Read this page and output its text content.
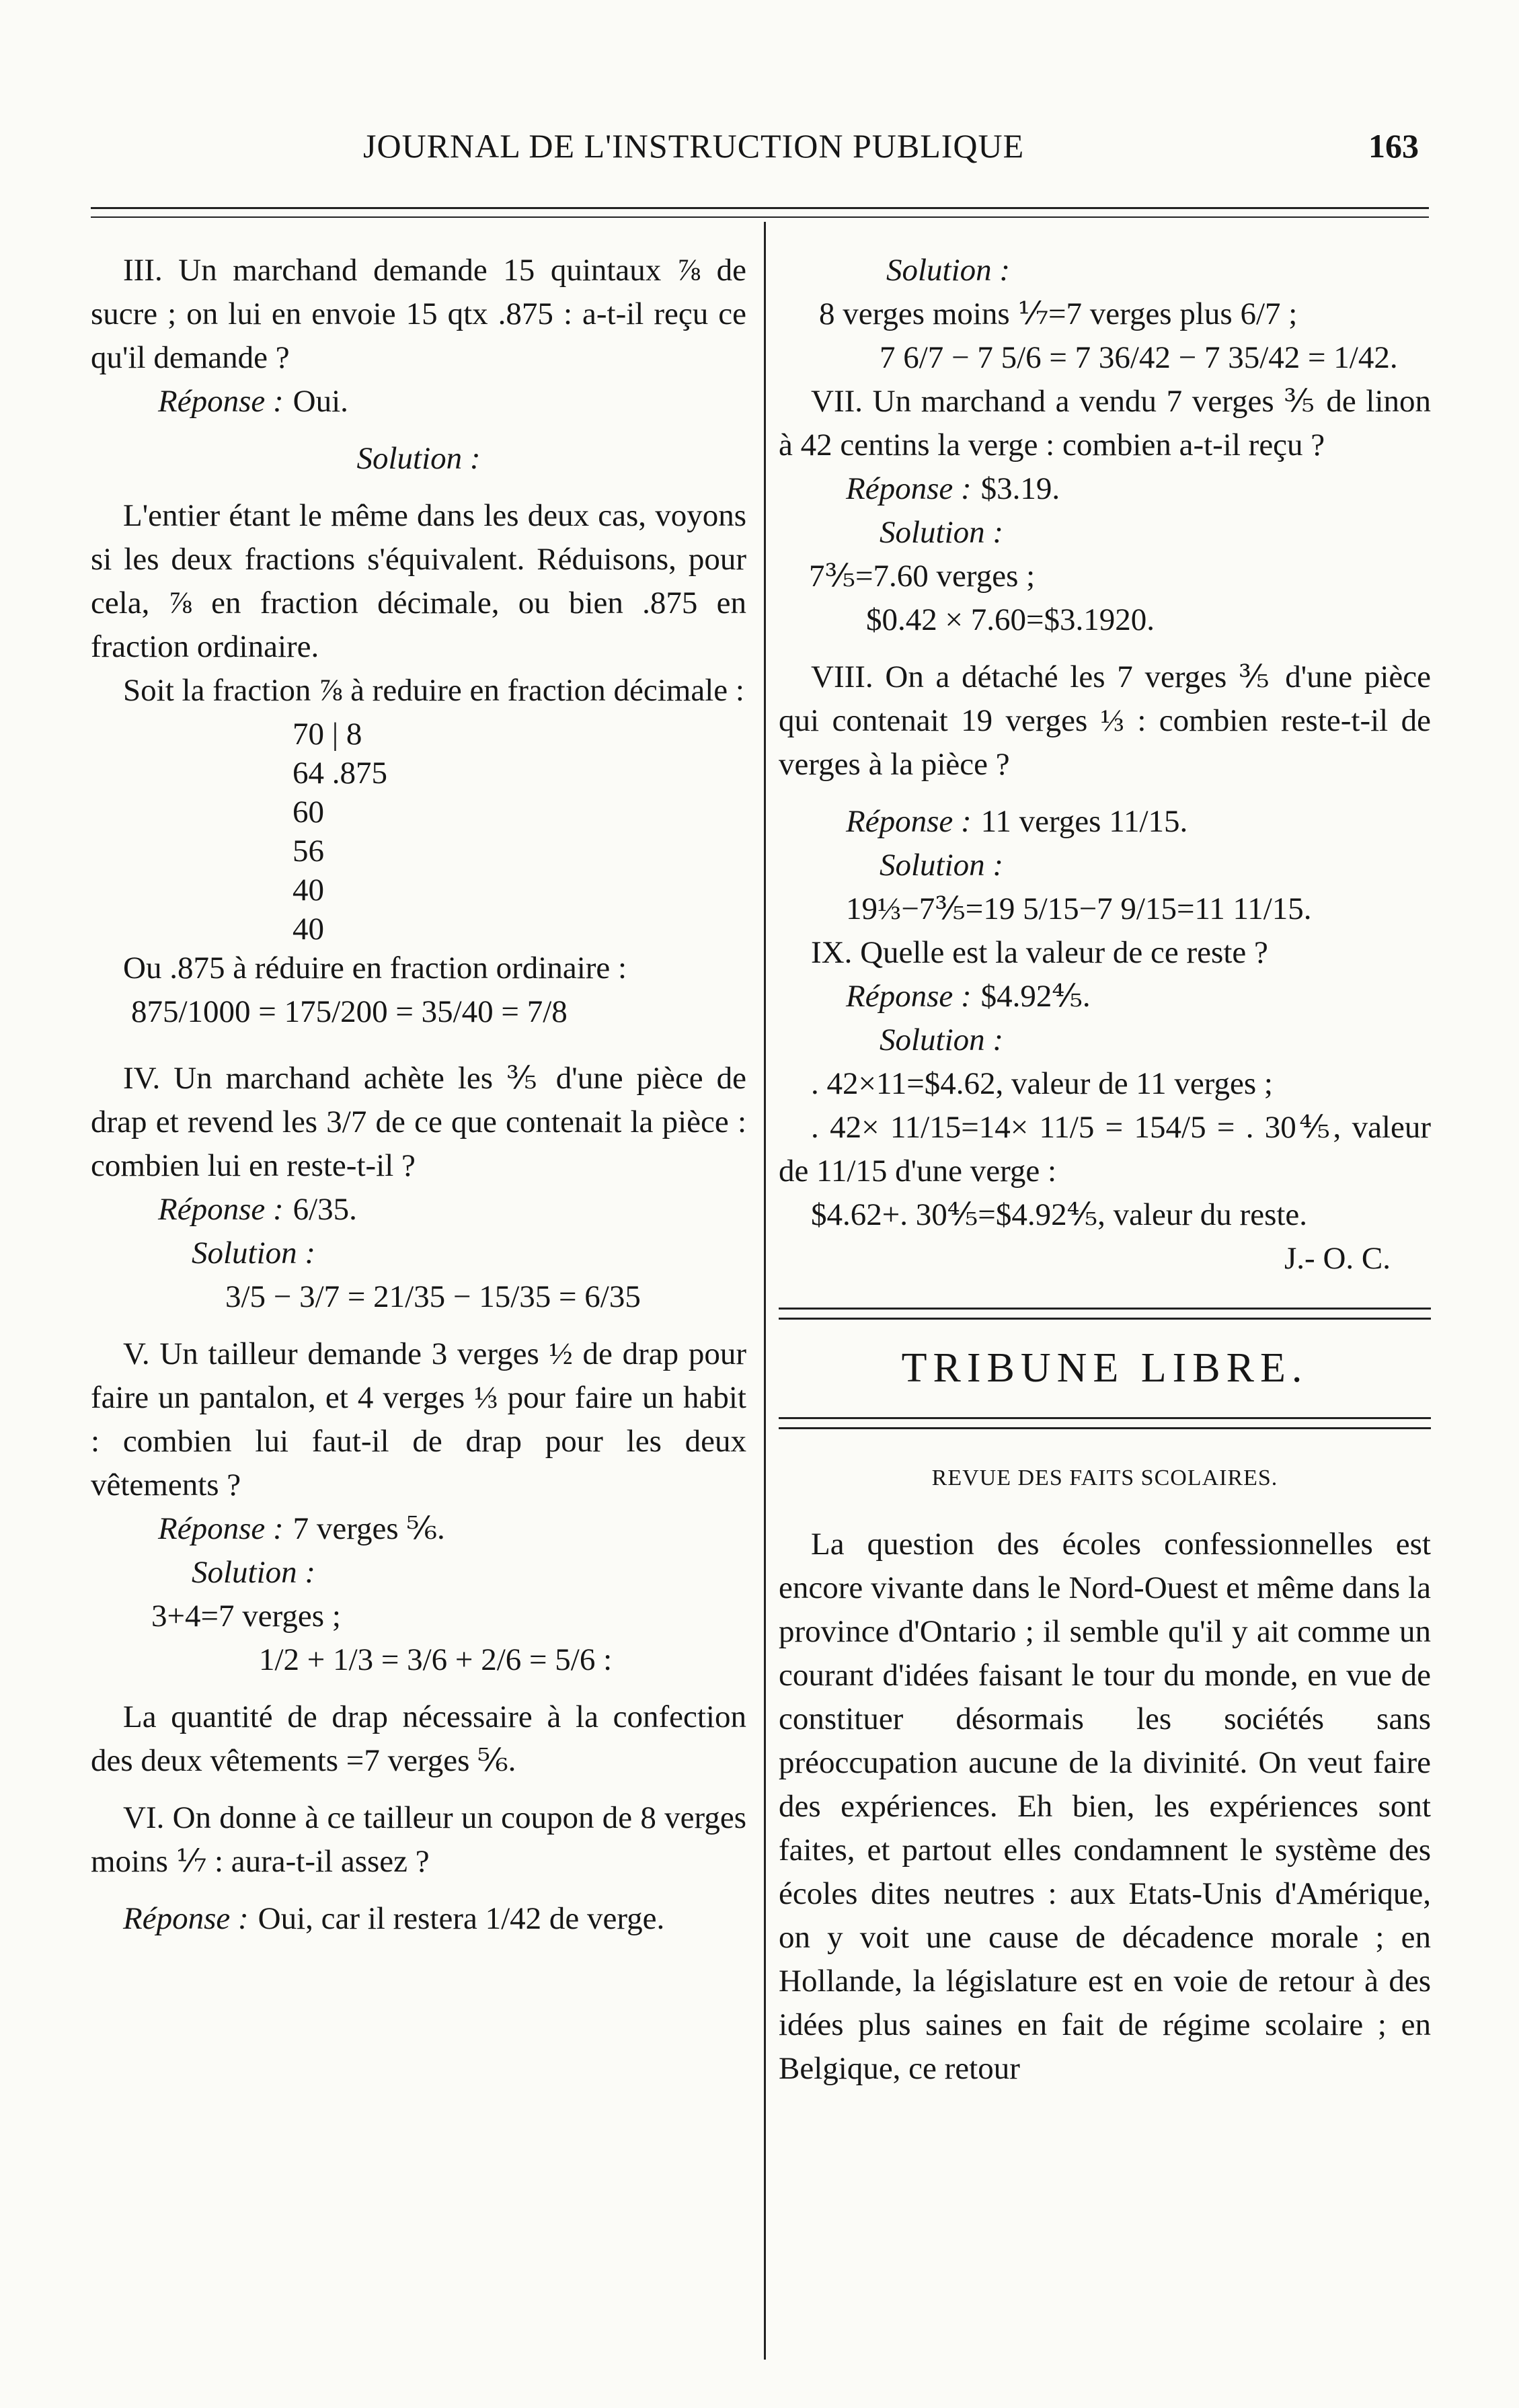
JOURNAL DE L'INSTRUCTION PUBLIQUE	163

III. Un marchand demande 15 quintaux ⅞ de sucre ; on lui en envoie 15 qtx .875 : a-t-il reçu ce qu'il demande ?

Réponse : Oui.

Solution :

L'entier étant le même dans les deux cas, voyons si les deux fractions s'équivalent. Réduisons, pour cela, ⅞ en fraction décimale, ou bien .875 en fraction ordinaire.

Soit la fraction ⅞ à reduire en fraction décimale :

70 | 8
64 .875
60
56
40
40

Ou .875 à réduire en fraction ordinaire :

875/1000 = 175/200 = 35/40 = 7/8

IV. Un marchand achète les ⅗ d'une pièce de drap et revend les 3/7 de ce que contenait la pièce : combien lui en reste-t-il ?

Réponse : 6/35.

Solution :

3/5 − 3/7 = 21/35 − 15/35 = 6/35

V. Un tailleur demande 3 verges ½ de drap pour faire un pantalon, et 4 verges ⅓ pour faire un habit : combien lui faut-il de drap pour les deux vêtements ?

Réponse : 7 verges ⅚.

Solution :

3+4=7 verges ;

1/2 + 1/3 = 3/6 + 2/6 = 5/6 :

La quantité de drap nécessaire à la confection des deux vêtements =7 verges ⅚.

VI. On donne à ce tailleur un coupon de 8 verges moins ⅐ : aura-t-il assez ?

Réponse : Oui, car il restera 1/42 de verge.

Solution :

8 verges moins ⅐=7 verges plus 6/7 ;

7 6/7 − 7 5/6 = 7 36/42 − 7 35/42 = 1/42.

VII. Un marchand a vendu 7 verges ⅗ de linon à 42 centins la verge : combien a-t-il reçu ?

Réponse : $3.19.

Solution :

7⅗=7.60 verges ;

$0.42 × 7.60=$3.1920.

VIII. On a détaché les 7 verges ⅗ d'une pièce qui contenait 19 verges ⅓ : combien reste-t-il de verges à la pièce ?

Réponse : 11 verges 11/15.

Solution :

19⅓−7⅗=19 5/15−7 9/15=11 11/15.

IX. Quelle est la valeur de ce reste ?

Réponse : $4.92⅘.

Solution :

. 42×11=$4.62, valeur de 11 verges ;

. 42× 11/15=14× 11/5 = 154/5 = . 30⅘, valeur de 11/15 d'une verge :

$4.62+. 30⅘=$4.92⅘, valeur du reste.

J.- O. C.

TRIBUNE LIBRE.
REVUE DES FAITS SCOLAIRES.

La question des écoles confessionnelles est encore vivante dans le Nord-Ouest et même dans la province d'Ontario ; il semble qu'il y ait comme un courant d'idées faisant le tour du monde, en vue de constituer désormais les sociétés sans préoccupation aucune de la divinité. On veut faire des expériences. Eh bien, les expériences sont faites, et partout elles condamnent le système des écoles dites neutres : aux Etats-Unis d'Amérique, on y voit une cause de décadence morale ; en Hollande, la législature est en voie de retour à des idées plus saines en fait de régime scolaire ; en Belgique, ce retour
